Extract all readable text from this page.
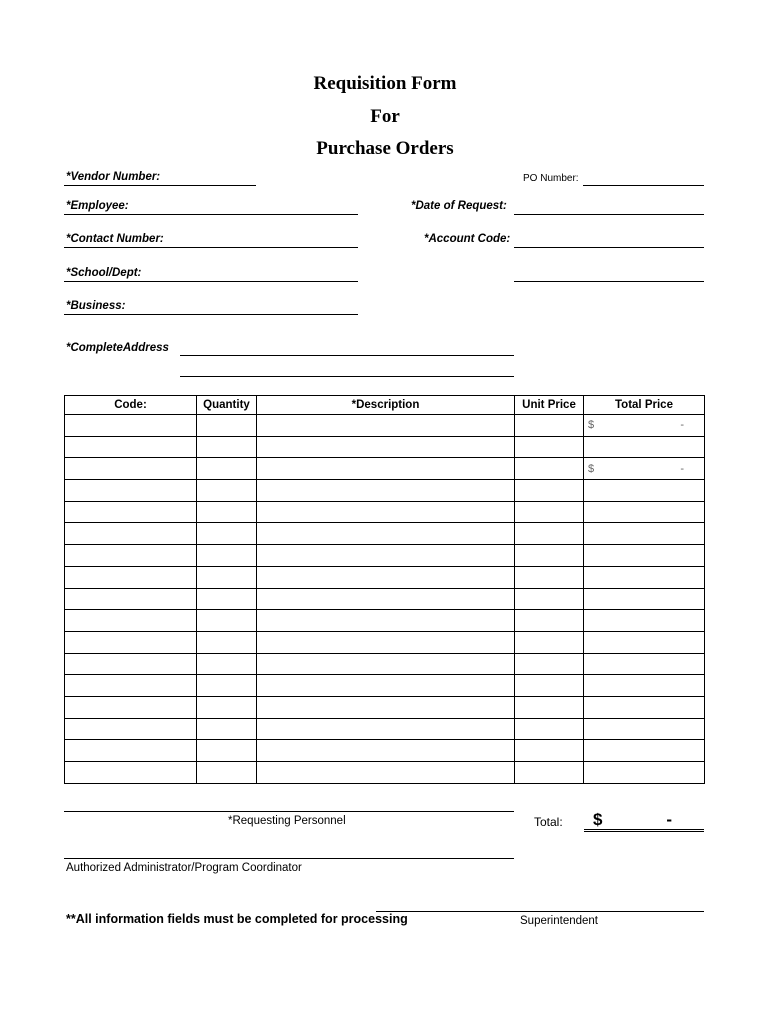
Requisition Form
For
Purchase Orders
*Vendor Number:	PO Number:
*Employee:	*Date of Request:
*Contact Number:	*Account Code:
*School/Dept:
*Business:
*CompleteAddress
Code:	Quantity	*Description	Unit Price	Total Price

				$ -

				$ -

*Requesting Personnel	Total: $	-
Authorized Administrator/Program Coordinator
Superintendent
**All information fields must be completed for processing
